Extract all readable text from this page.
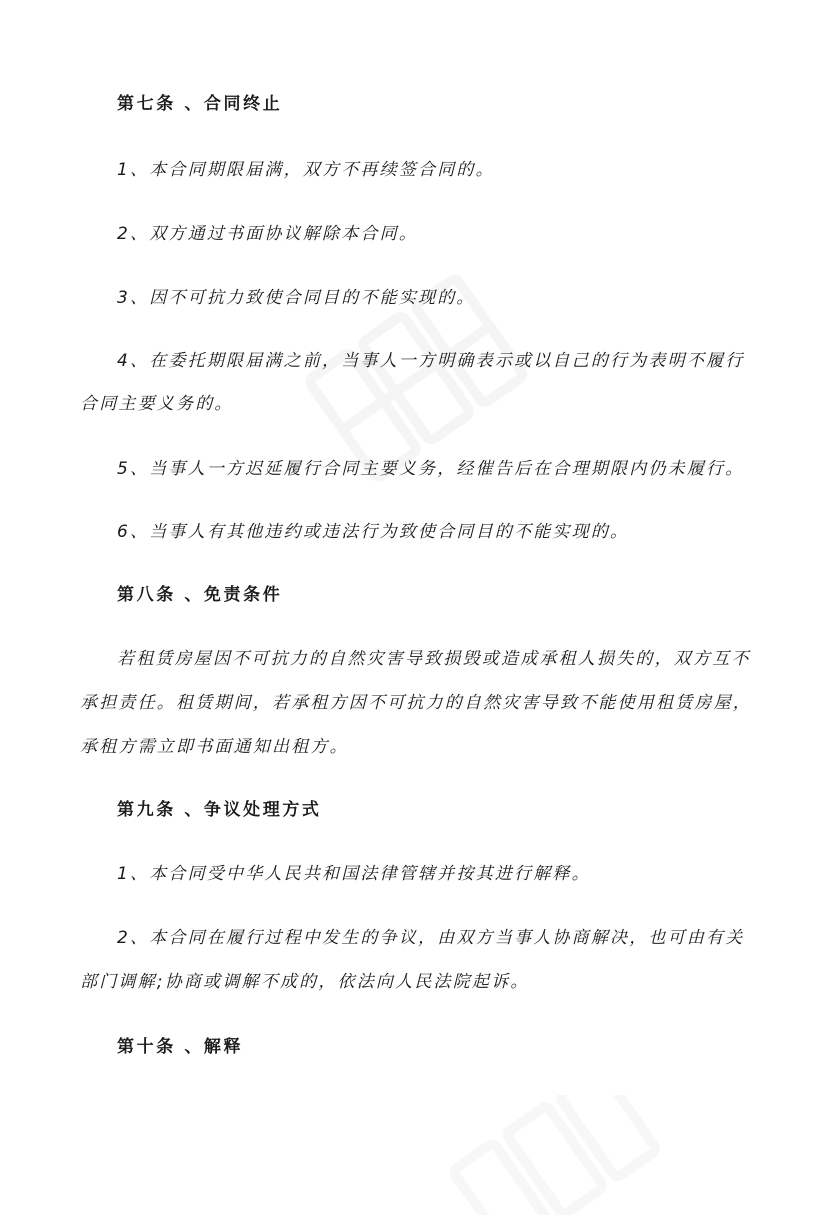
第七条 、合同终止
1、本合同期限届满，双方不再续签合同的。
2、双方通过书面协议解除本合同。
3、因不可抗力致使合同目的不能实现的。
4、在委托期限届满之前，当事人一方明确表示或以自己的行为表明不履行
合同主要义务的。
5、当事人一方迟延履行合同主要义务，经催告后在合理期限内仍未履行。
6、当事人有其他违约或违法行为致使合同目的不能实现的。
第八条 、免责条件
若租赁房屋因不可抗力的自然灾害导致损毁或造成承租人损失的，双方互不
承担责任。租赁期间，若承租方因不可抗力的自然灾害导致不能使用租赁房屋，
承租方需立即书面通知出租方。
第九条 、争议处理方式
1、本合同受中华人民共和国法律管辖并按其进行解释。
2、本合同在履行过程中发生的争议，由双方当事人协商解决，也可由有关
部门调解;协商或调解不成的，依法向人民法院起诉。
第十条 、解释
